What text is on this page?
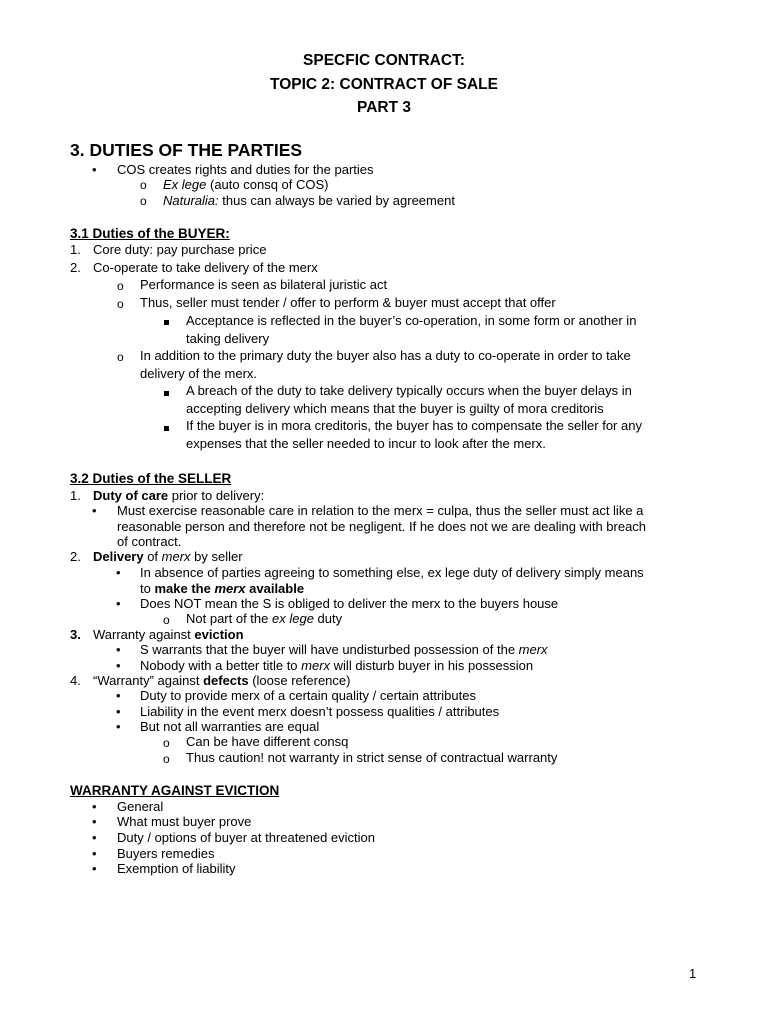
SPECFIC CONTRACT:
TOPIC 2: CONTRACT OF SALE
PART 3
3. DUTIES OF THE PARTIES
• COS creates rights and duties for the parties
o Ex lege (auto consq of COS)
o Naturalia: thus can always be varied by agreement
3.1 Duties of the BUYER:
1. Core duty: pay purchase price
2. Co-operate to take delivery of the merx
o Performance is seen as bilateral juristic act
o Thus, seller must tender / offer to perform & buyer must accept that offer
Acceptance is reflected in the buyer’s co-operation, in some form or another in
taking delivery
o In addition to the primary duty the buyer also has a duty to co-operate in order to take
delivery of the merx.
A breach of the duty to take delivery typically occurs when the buyer delays in
accepting delivery which means that the buyer is guilty of mora creditoris
If the buyer is in mora creditoris, the buyer has to compensate the seller for any
expenses that the seller needed to incur to look after the merx.
3.2 Duties of the SELLER
1. Duty of care prior to delivery:
• Must exercise reasonable care in relation to the merx = culpa, thus the seller must act like a
reasonable person and therefore not be negligent. If he does not we are dealing with breach
of contract.
2. Delivery of merx by seller
• In absence of parties agreeing to something else, ex lege duty of delivery simply means
to make the merx available
• Does NOT mean the S is obliged to deliver the merx to the buyers house
o Not part of the ex lege duty
3. Warranty against eviction
• S warrants that the buyer will have undisturbed possession of the merx
• Nobody with a better title to merx will disturb buyer in his possession
4. “Warranty” against defects (loose reference)
• Duty to provide merx of a certain quality / certain attributes
• Liability in the event merx doesn’t possess qualities / attributes
• But not all warranties are equal
o Can be have different consq
o Thus caution! not warranty in strict sense of contractual warranty
WARRANTY AGAINST EVICTION
• General
• What must buyer prove
• Duty / options of buyer at threatened eviction
• Buyers remedies
• Exemption of liability
1
